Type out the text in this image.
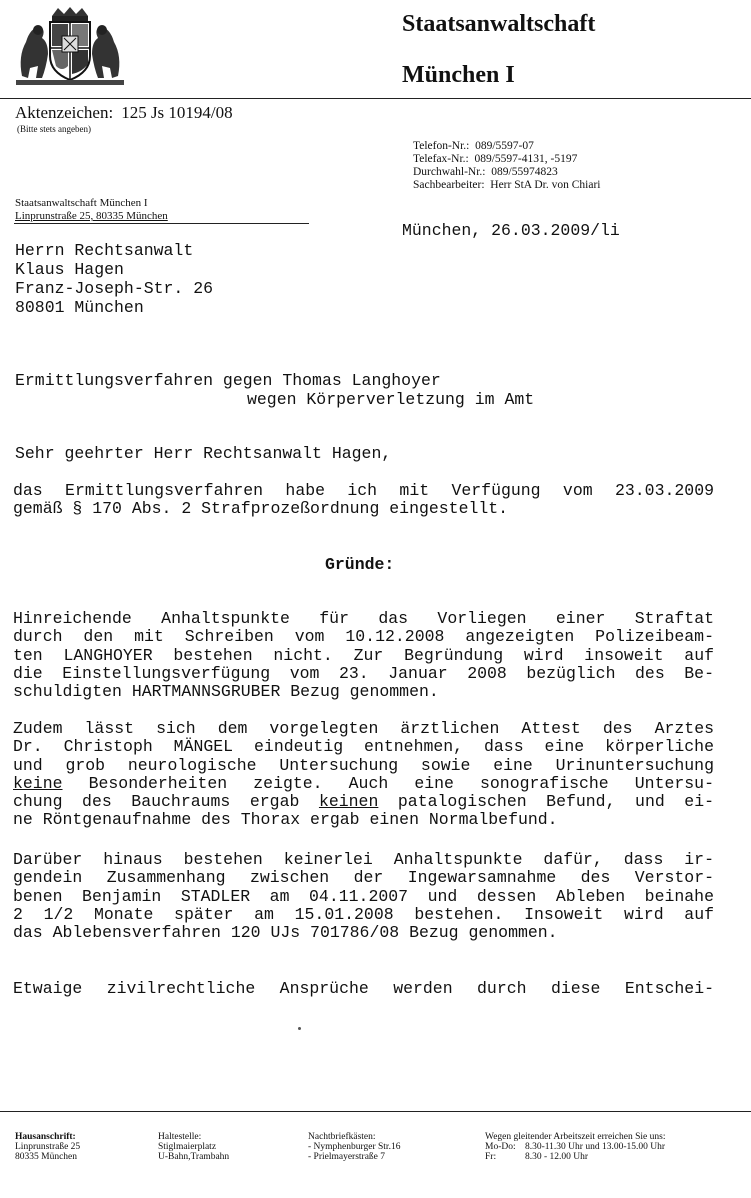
Staatsanwaltschaft
München I
Aktenzeichen: 125 Js 10194/08
(Bitte stets angeben)
Telefon-Nr.: 089/5597-07
Telefax-Nr.: 089/5597-4131, -5197
Durchwahl-Nr.: 089/55974823
Sachbearbeiter: Herr StA Dr. von Chiari
Staatsanwaltschaft München I
Linprunstraße 25, 80335 München
München, 26.03.2009/li
Herrn Rechtsanwalt
Klaus Hagen
Franz-Joseph-Str. 26
80801 München
Ermittlungsverfahren gegen Thomas Langhoyer
wegen Körperverletzung im Amt
Sehr geehrter Herr Rechtsanwalt Hagen,
das Ermittlungsverfahren habe ich mit Verfügung vom 23.03.2009
gemäß § 170 Abs. 2 Strafprozeßordnung eingestellt.
Gründe:
Hinreichende Anhaltspunkte für das Vorliegen einer Straftat
durch den mit Schreiben vom 10.12.2008 angezeigten Polizeibeam-
ten LANGHOYER bestehen nicht. Zur Begründung wird insoweit auf
die Einstellungsverfügung vom 23. Januar 2008 bezüglich des Be-
schuldigten HARTMANNSGRUBER Bezug genommen.
Zudem lässt sich dem vorgelegten ärztlichen Attest des Arztes
Dr. Christoph MÄNGEL eindeutig entnehmen, dass eine körperliche
und grob neurologische Untersuchung sowie eine Urinuntersuchung
keine Besonderheiten zeigte. Auch eine sonografische Untersu-
chung des Bauchraums ergab keinen patalogischen Befund, und ei-
ne Röntgenaufnahme des Thorax ergab einen Normalbefund.
Darüber hinaus bestehen keinerlei Anhaltspunkte dafür, dass ir-
gendein Zusammenhang zwischen der Ingewarsamnahme des Verstor-
benen Benjamin STADLER am 04.11.2007 und dessen Ableben beinahe
2 1/2 Monate später am 15.01.2008 bestehen. Insoweit wird auf
das Ablebensverfahren 120 UJs 701786/08 Bezug genommen.
Etwaige zivilrechtliche Ansprüche werden durch diese Entschei-
Hausanschrift:
Linprunstraße 25
80335 München
Haltestelle:
Stiglmaierplatz
U-Bahn,Trambahn
Nachtbriefkästen:
- Nymphenburger Str.16
- Prielmayerstraße 7
Wegen gleitender Arbeitszeit erreichen Sie uns:
Mo-Do: 8.30-11.30 Uhr und 13.00-15.00 Uhr
Fr:	8.30 - 12.00 Uhr
